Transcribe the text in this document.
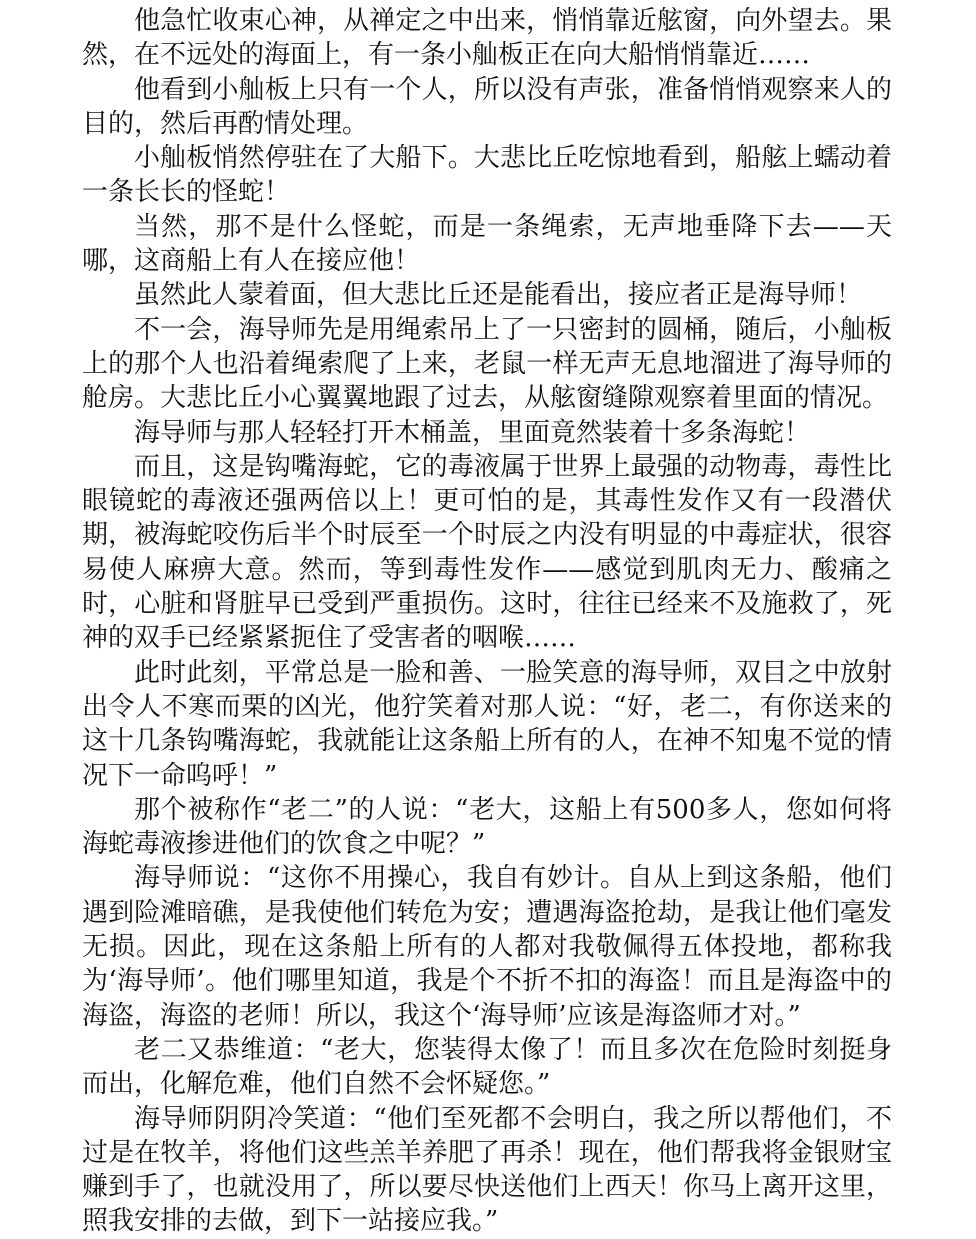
他急忙收束心神，从禅定之中出来，悄悄靠近舷窗，向外望去。果然，在不远处的海面上，有一条小舢板正在向大船悄悄靠近……

他看到小舢板上只有一个人，所以没有声张，准备悄悄观察来人的目的，然后再酌情处理。

小舢板悄然停驻在了大船下。大悲比丘吃惊地看到，船舷上蠕动着一条长长的怪蛇！

当然，那不是什么怪蛇，而是一条绳索，无声地垂降下去——天哪，这商船上有人在接应他！

虽然此人蒙着面，但大悲比丘还是能看出，接应者正是海导师！

不一会，海导师先是用绳索吊上了一只密封的圆桶，随后，小舢板上的那个人也沿着绳索爬了上来，老鼠一样无声无息地溜进了海导师的舱房。大悲比丘小心翼翼地跟了过去，从舷窗缝隙观察着里面的情况。

海导师与那人轻轻打开木桶盖，里面竟然装着十多条海蛇！

而且，这是钩嘴海蛇，它的毒液属于世界上最强的动物毒，毒性比眼镜蛇的毒液还强两倍以上！更可怕的是，其毒性发作又有一段潜伏期，被海蛇咬伤后半个时辰至一个时辰之内没有明显的中毒症状，很容易使人麻痹大意。然而，等到毒性发作——感觉到肌肉无力、酸痛之时，心脏和肾脏早已受到严重损伤。这时，往往已经来不及施救了，死神的双手已经紧紧扼住了受害者的咽喉……

此时此刻，平常总是一脸和善、一脸笑意的海导师，双目之中放射出令人不寒而栗的凶光，他狞笑着对那人说：“好，老二，有你送来的这十几条钩嘴海蛇，我就能让这条船上所有的人，在神不知鬼不觉的情况下一命呜呼！”

那个被称作“老二”的人说：“老大，这船上有500多人，您如何将海蛇毒液掺进他们的饮食之中呢？”

海导师说：“这你不用操心，我自有妙计。自从上到这条船，他们遇到险滩暗礁，是我使他们转危为安；遭遇海盗抢劫，是我让他们毫发无损。因此，现在这条船上所有的人都对我敬佩得五体投地，都称我为‘海导师’。他们哪里知道，我是个不折不扣的海盗！而且是海盗中的海盗，海盗的老师！所以，我这个‘海导师’应该是海盗师才对。”

老二又恭维道：“老大，您装得太像了！而且多次在危险时刻挺身而出，化解危难，他们自然不会怀疑您。”

海导师阴阴冷笑道：“他们至死都不会明白，我之所以帮他们，不过是在牧羊，将他们这些羔羊养肥了再杀！现在，他们帮我将金银财宝赚到手了，也就没用了，所以要尽快送他们上西天！你马上离开这里，照我安排的去做，到下一站接应我。”
